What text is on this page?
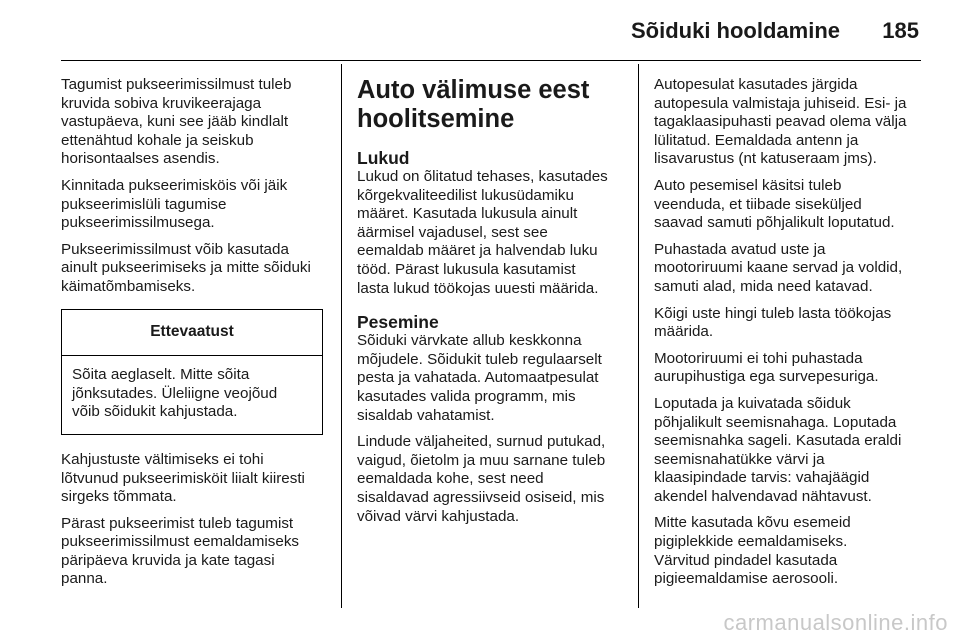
Sõiduki hooldamine 185

Tagumist pukseerimissilmust tuleb
kruvida sobiva kruvikeerajaga
vastupäeva, kuni see jääb kindlalt
ettenähtud kohale ja seiskub
horisontaalses asendis.

Kinnitada pukseerimisköis või jäik
pukseerimislüli tagumise
pukseerimissilmusega.

Pukseerimissilmust võib kasutada
ainult pukseerimiseks ja mitte sõiduki
käimatõmbamiseks.

Ettevaatust
Sõita aeglaselt. Mitte sõita
jõnksutades. Üleliigne veojõud
võib sõidukit kahjustada.

Kahjustuste vältimiseks ei tohi
lõtvunud pukseerimisköit liialt kiiresti
sirgeks tõmmata.

Pärast pukseerimist tuleb tagumist
pukseerimissilmust eemaldamiseks
päripäeva kruvida ja kate tagasi
panna.

Auto välimuse eest
hoolitsemine
Lukud

Lukud on õlitatud tehases, kasutades
kõrgekvaliteedilist lukusüdamiku
määret. Kasutada lukusula ainult
äärmisel vajadusel, sest see
eemaldab määret ja halvendab luku
tööd. Pärast lukusula kasutamist
lasta lukud töökojas uuesti määrida.

Pesemine

Sõiduki värvkate allub keskkonna
mõjudele. Sõidukit tuleb regulaarselt
pesta ja vahatada. Automaatpesulat
kasutades valida programm, mis
sisaldab vahatamist.

Lindude väljaheited, surnud putukad,
vaigud, õietolm ja muu sarnane tuleb
eemaldada kohe, sest need
sisaldavad agressiivseid osiseid, mis
võivad värvi kahjustada.

Autopesulat kasutades järgida
autopesula valmistaja juhiseid. Esi- ja
tagaklaasipuhasti peavad olema välja
lülitatud. Eemaldada antenn ja
lisavarustus (nt katuseraam jms).

Auto pesemisel käsitsi tuleb
veenduda, et tiibade siseküljed
saavad samuti põhjalikult loputatud.

Puhastada avatud uste ja
mootoriruumi kaane servad ja voldid,
samuti alad, mida need katavad.

Kõigi uste hingi tuleb lasta töökojas
määrida.

Mootoriruumi ei tohi puhastada
aurupihustiga ega survepesuriga.

Loputada ja kuivatada sõiduk
põhjalikult seemisnahaga. Loputada
seemisnahka sageli. Kasutada eraldi
seemisnahatükke värvi ja
klaasipindade tarvis: vahajäägid
akendel halvendavad nähtavust.

Mitte kasutada kõvu esemeid
pigiplekkide eemaldamiseks.
Värvitud pindadel kasutada
pigieemaldamise aerosooli.

carmanualsonline.info
